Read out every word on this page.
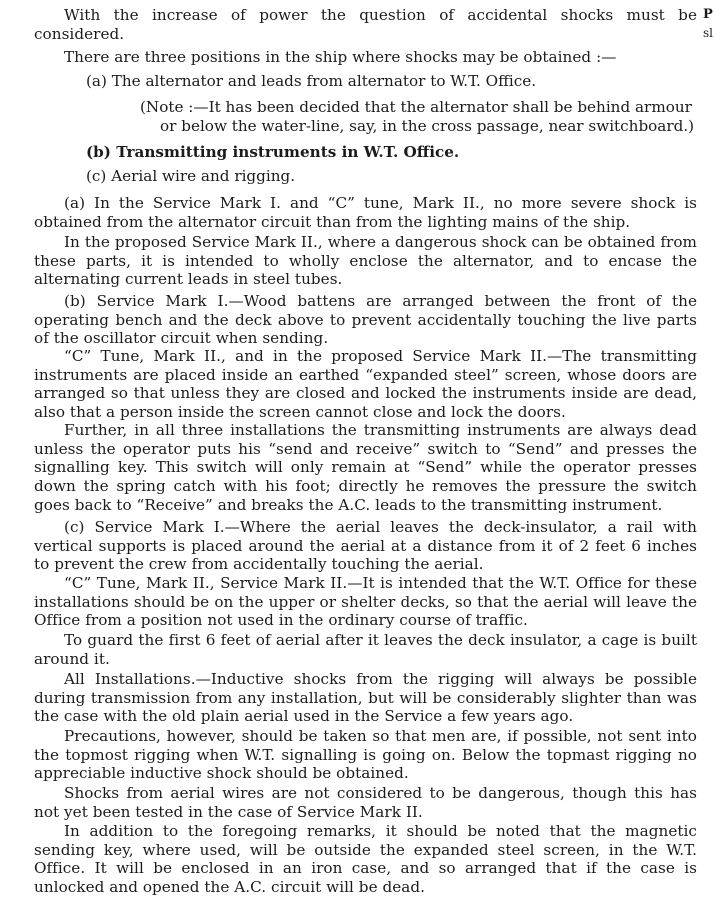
P
sl

With the increase of power the question of accidental shocks must be considered.

There are three positions in the ship where shocks may be obtained :—

(a) The alternator and leads from alternator to W.T. Office.
(Note :—It has been decided that the alternator shall be behind armour
or below the water-line, say, in the cross passage, near switchboard.)
(b) Transmitting instruments in W.T. Office.
(c) Aerial wire and rigging.

(a) In the Service Mark I. and “C” tune, Mark II., no more severe shock is obtained from the alternator circuit than from the lighting mains of the ship.

In the proposed Service Mark II., where a dangerous shock can be obtained from these parts, it is intended to wholly enclose the alternator, and to encase the alternating current leads in steel tubes.

(b) Service Mark I.—Wood battens are arranged between the front of the operating bench and the deck above to prevent accidentally touching the live parts of the oscillator circuit when sending.

“C” Tune, Mark II., and in the proposed Service Mark II.—The transmitting instruments are placed inside an earthed “expanded steel” screen, whose doors are arranged so that unless they are closed and locked the instruments inside are dead, also that a person inside the screen cannot close and lock the doors.

Further, in all three installations the transmitting instruments are always dead unless the operator puts his “send and receive” switch to “Send” and presses the signalling key. This switch will only remain at “Send” while the operator presses down the spring catch with his foot; directly he removes the pressure the switch goes back to “Receive” and breaks the A.C. leads to the transmitting instrument.

(c) Service Mark I.—Where the aerial leaves the deck-insulator, a rail with vertical supports is placed around the aerial at a distance from it of 2 feet 6 inches to prevent the crew from accidentally touching the aerial.

“C” Tune, Mark II., Service Mark II.—It is intended that the W.T. Office for these installations should be on the upper or shelter decks, so that the aerial will leave the Office from a position not used in the ordinary course of traffic.

To guard the first 6 feet of aerial after it leaves the deck insulator, a cage is built around it.

All Installations.—Inductive shocks from the rigging will always be possible during transmission from any installation, but will be considerably slighter than was the case with the old plain aerial used in the Service a few years ago.

Precautions, however, should be taken so that men are, if possible, not sent into the topmost rigging when W.T. signalling is going on. Below the topmast rigging no appreciable inductive shock should be obtained.

Shocks from aerial wires are not considered to be dangerous, though this has not yet been tested in the case of Service Mark II.

In addition to the foregoing remarks, it should be noted that the magnetic sending key, where used, will be outside the expanded steel screen, in the W.T. Office. It will be enclosed in an iron case, and so arranged that if the case is unlocked and opened the A.C. circuit will be dead.
